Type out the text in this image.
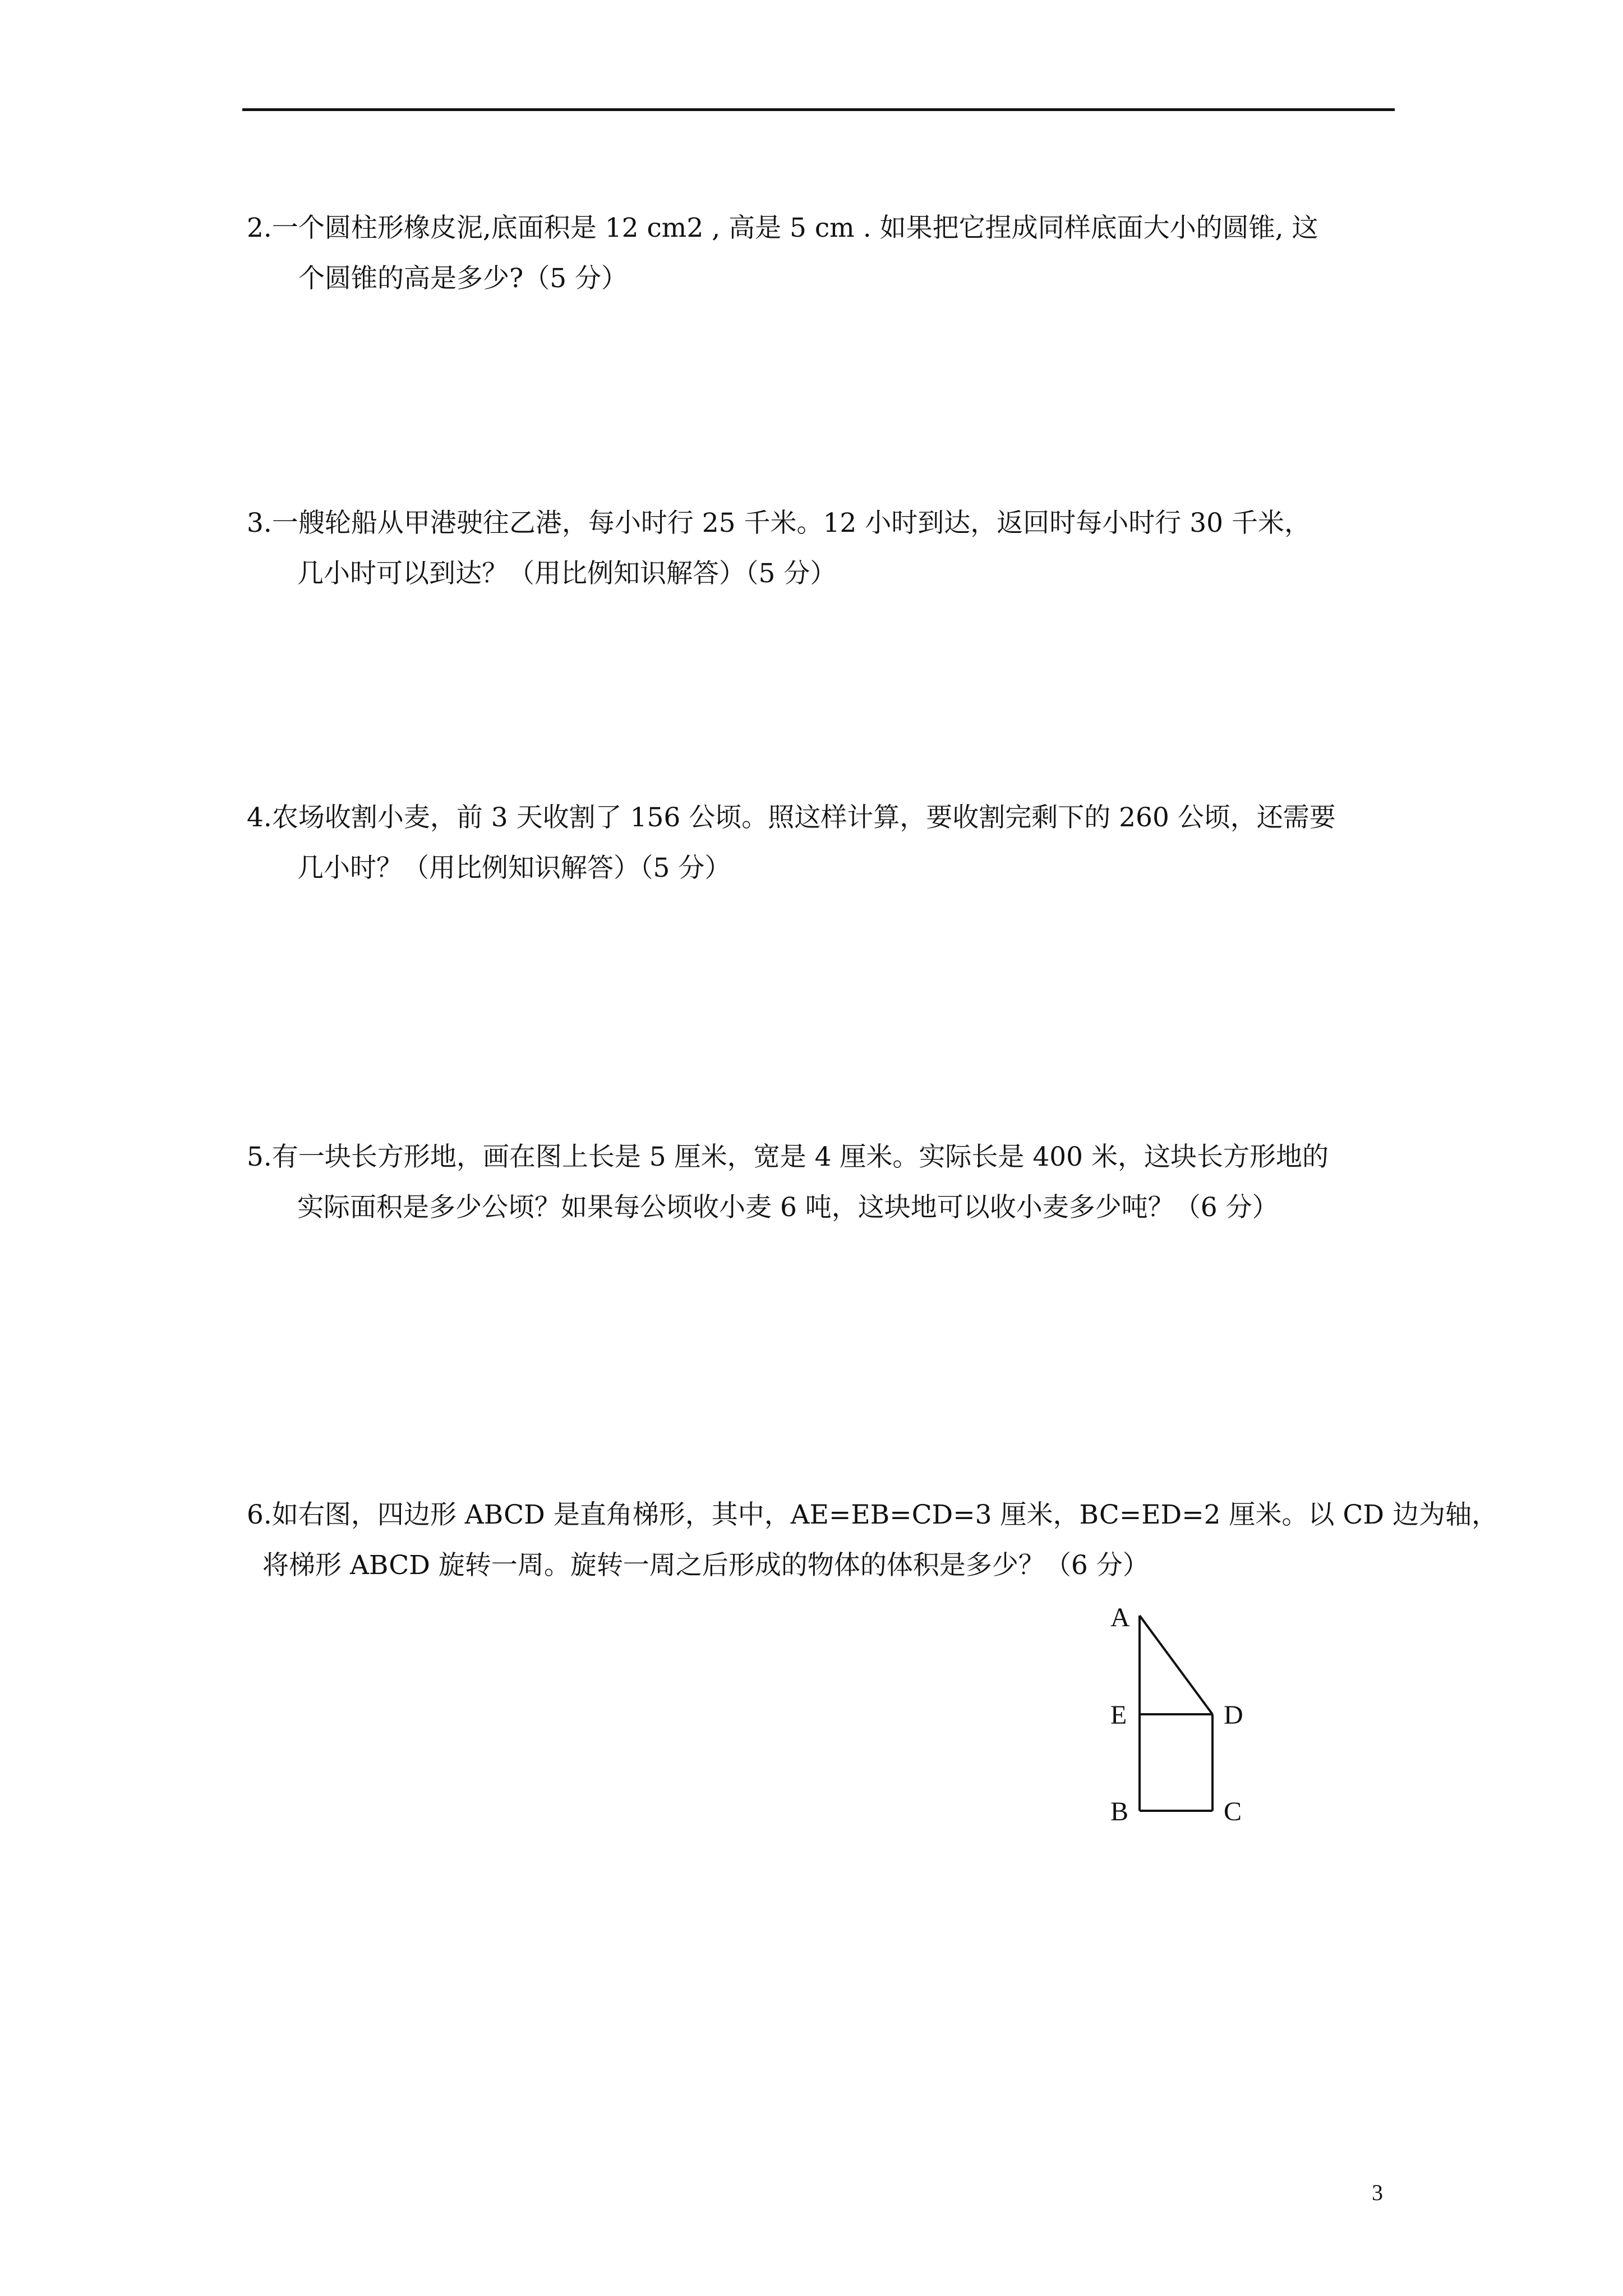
2.一个圆柱形橡皮泥,底面积是 12 cm2 , 高是 5 cm . 如果把它捏成同样底面大小的圆锥, 这
个圆锥的高是多少?（5 分）
3.一艘轮船从甲港驶往乙港，每小时行 25 千米。12 小时到达，返回时每小时行 30 千米，
几小时可以到达？（用比例知识解答）（5 分）
4.农场收割小麦，前 3 天收割了 156 公顷。照这样计算，要收割完剩下的 260 公顷，还需要
几小时？（用比例知识解答）（5 分）
5.有一块长方形地，画在图上长是 5 厘米，宽是 4 厘米。实际长是 400 米，这块长方形地的
实际面积是多少公顷？如果每公顷收小麦 6 吨，这块地可以收小麦多少吨？（6 分）
6.如右图，四边形 ABCD 是直角梯形，其中，AE=EB=CD=3 厘米，BC=ED=2 厘米。以 CD 边为轴，
将梯形 ABCD 旋转一周。旋转一周之后形成的物体的体积是多少？（6 分）
A
E	D
B	C
3
